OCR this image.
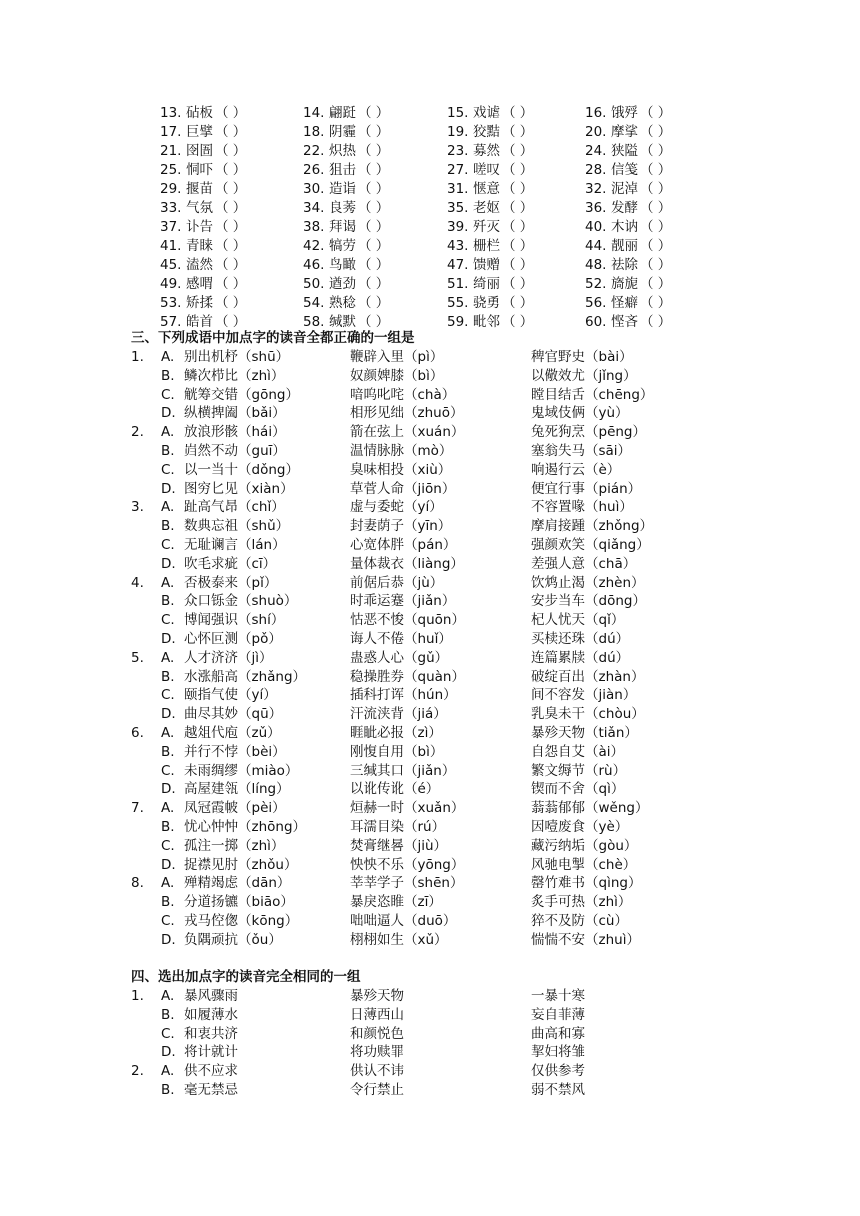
13. 砧板 （ ）	14. 翩跹 （ ）	15. 戏谑 （ ）	16. 饿殍 （ ）
17. 巨擘 （ ）	18. 阴霾 （ ）	19. 狡黠 （ ）	20. 摩挲 （ ）
21. 囹圄 （ ）	22. 炽热 （ ）	23. 募然 （ ）	24. 狭隘 （ ）
25. 恫吓 （ ）	26. 狙击 （ ）	27. 嗟叹 （ ）	28. 信笺 （ ）
29. 揠苗 （ ）	30. 造诣 （ ）	31. 惬意 （ ）	32. 泥淖 （ ）
33. 气氛 （ ）	34. 良莠 （ ）	35. 老妪 （ ）	36. 发酵 （ ）
37. 讣告 （ ）	38. 拜谒 （ ）	39. 歼灭 （ ）	40. 木讷 （ ）
41. 青睐 （ ）	42. 犒劳 （ ）	43. 栅栏 （ ）	44. 靓丽 （ ）
45. 溘然 （ ）	46. 鸟瞰 （ ）	47. 馈赠 （ ）	48. 祛除 （ ）
49. 感喟 （ ）	50. 遒劲 （ ）	51. 绮丽 （ ）	52. 旖旎 （ ）
53. 矫揉 （ ）	54. 熟稔 （ ）	55. 骁勇 （ ）	56. 怪癖 （ ）
57. 皓首 （ ）	58. 缄默 （ ）	59. 毗邻 （ ）	60. 悭吝 （ ）
三、下列成语中加点字的读音全都正确的一组是
1. A. 别出机杼（shū）	鞭辟入里（pì）	稗官野史（bài）
B. 鳞次栉比（zhì）	奴颜婢膝（bì）	以儆效尤（jǐng）
C. 觥筹交错（gōng）	喑呜叱咤（chà）	瞠目结舌（chēng）
D. 纵横捭阖（bǎi）	相形见绌（zhuō）	鬼域伎俩（yù）
2. A. 放浪形骸（hái）	箭在弦上（xuán）	兔死狗烹（pēng）
B. 岿然不动（guī）	温情脉脉（mò）	塞翁失马（sāi）
C. 以一当十（dǒng）	臭味相投（xiù）	响遏行云（è）
D. 图穷匕见（xiàn）	草菅人命（jiōn）	便宜行事（pián）
3. A. 趾高气昂（chǐ）	虚与委蛇（yí）	不容置喙（huì）
B. 数典忘祖（shǔ）	封妻荫子（yīn）	摩肩接踵（zhǒng）
C. 无耻谰言（lán）	心宽体胖（pán）	强颜欢笑（qiǎng）
D. 吹毛求疵（cī）	量体裁衣（liàng）	差强人意（chā）
4. A. 否极泰来（pǐ）	前倨后恭（jù）	饮鸩止渴（zhèn）
B. 众口铄金（shuò）	时乖运蹇（jiǎn）	安步当车（dōng）
C. 博闻强识（shí）	怙恶不悛（quōn）	杞人忧天（qǐ）
D. 心怀叵测（pǒ）	诲人不倦（huǐ）	买椟还珠（dú）
5. A. 人才济济（jì）	蛊惑人心（gǔ）	连篇累牍（dú）
B. 水涨船高（zhǎng）	稳操胜券（quàn）	破绽百出（zhàn）
C. 颐指气使（yí）	插科打诨（hún）	间不容发（jiàn）
D. 曲尽其妙（qū）	汗流浃背（jiá）	乳臭未干（chòu）
6. A. 越俎代庖（zǔ）	睚眦必报（zì）	暴殄天物（tiǎn）
B. 并行不悖（bèi）	刚愎自用（bì）	自怨自艾（ài）
C. 未雨绸缪（miào）	三缄其口（jiǎn）	繁文缛节（rù）
D. 高屋建瓴（líng）	以讹传讹（é）	锲而不舍（qì）
7. A. 凤冠霞帔（pèi）	烜赫一时（xuǎn）	蓊蓊郁郁（wěng）
B. 忧心忡忡（zhōng）	耳濡目染（rú）	因噎废食（yè）
C. 孤注一掷（zhì）	焚膏继晷（jiù）	藏污纳垢（gòu）
D. 捉襟见肘（zhǒu）	怏怏不乐（yōng）	风驰电掣（chè）
8. A. 殚精竭虑（dān）	莘莘学子（shēn）	罄竹难书（qìng）
B. 分道扬镳（biāo）	暴戾恣睢（zī）	炙手可热（zhì）
C. 戎马倥偬（kōng）	咄咄逼人（duō）	猝不及防（cù）
D. 负隅顽抗（ǒu）	栩栩如生（xǔ）	惴惴不安（zhuì）
四、选出加点字的读音完全相同的一组
1. A. 暴风骤雨	暴殄天物	一暴十寒
B. 如履薄水	日薄西山	妄自菲薄
C. 和衷共济	和颜悦色	曲高和寡
D. 将计就计	将功赎罪	挈妇将雏
2. A. 供不应求	供认不讳	仅供参考
B. 毫无禁忌	令行禁止	弱不禁风
